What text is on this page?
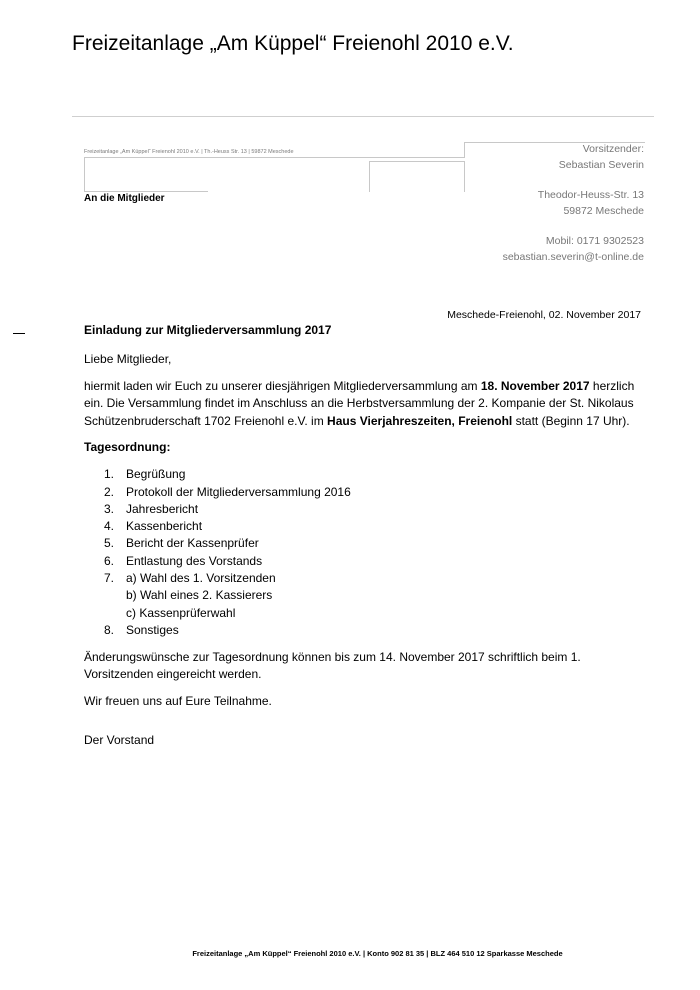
Freizeitanlage „Am Küppel“ Freienohl 2010 e.V.
Freizeitanlage „Am Küppel“ Freienohl 2010 e.V. | Th.-Heuss Str. 13 | 59872 Meschede
An die Mitglieder
Vorsitzender:
Sebastian Severin
Theodor-Heuss-Str. 13
59872 Meschede
Mobil: 0171 9302523
sebastian.severin@t-online.de
Meschede-Freienohl, 02. November 2017

Einladung zur Mitgliederversammlung 2017

Liebe Mitglieder,

hiermit laden wir Euch zu unserer diesjährigen Mitgliederversammlung am 18. November 2017 herzlich ein. Die Versammlung findet im Anschluss an die Herbstversammlung der 2. Kompanie der St. Nikolaus Schützenbruderschaft 1702 Freienohl e.V. im Haus Vierjahreszeiten, Freienohl statt (Beginn 17 Uhr).

Tagesordnung:

1. Begrüßung
2. Protokoll der Mitgliederversammlung 2016
3. Jahresbericht
4. Kassenbericht
5. Bericht der Kassenprüfer
6. Entlastung des Vorstands
7. a) Wahl des 1. Vorsitzenden
b) Wahl eines 2. Kassierers
c) Kassenprüferwahl
8. Sonstiges

Änderungswünsche zur Tagesordnung können bis zum 14. November 2017 schriftlich beim 1. Vorsitzenden eingereicht werden.

Wir freuen uns auf Eure Teilnahme.

Der Vorstand

Freizeitanlage „Am Küppel“ Freienohl 2010 e.V. | Konto 902 81 35 | BLZ 464 510 12 Sparkasse Meschede
